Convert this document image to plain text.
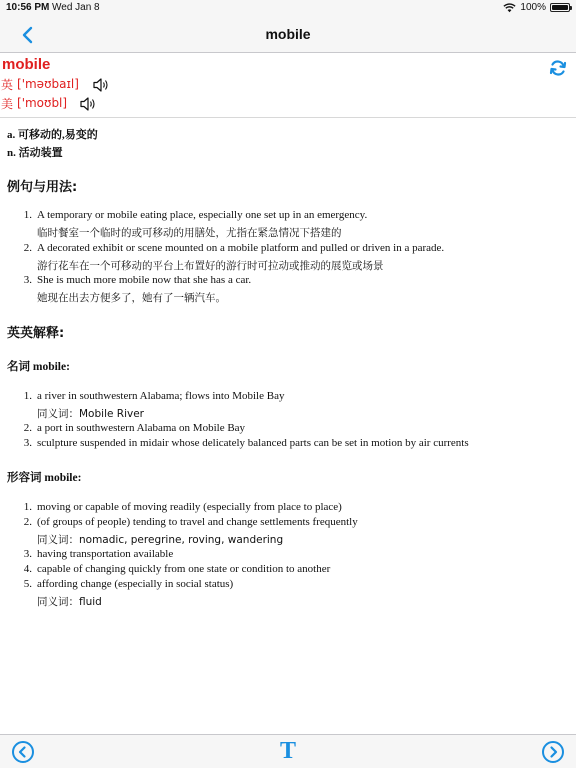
10:56 PM Wed Jan 8	100%
mobile
mobile
英 ['məʊbaɪl]
美 ['moʊbl]
a. 可移动的,易变的
n. 活动装置
例句与用法:
1. A temporary or mobile eating place, especially one set up in an emergency.
临时餐室一个临时的或可移动的用膳处，尤指在紧急情况下搭建的
2. A decorated exhibit or scene mounted on a mobile platform and pulled or driven in a parade.
游行花车在一个可移动的平台上布置好的游行时可拉动或推动的展览或场景
3. She is much more mobile now that she has a car.
她现在出去方便多了，她有了一辆汽车。
英英解释:
名词 mobile:
1. a river in southwestern Alabama; flows into Mobile Bay
同义词：Mobile River
2. a port in southwestern Alabama on Mobile Bay
3. sculpture suspended in midair whose delicately balanced parts can be set in motion by air currents
形容词 mobile:
1. moving or capable of moving readily (especially from place to place)
2. (of groups of people) tending to travel and change settlements frequently
同义词：nomadic, peregrine, roving, wandering
3. having transportation available
4. capable of changing quickly from one state or condition to another
5. affording change (especially in social status)
同义词：fluid
T
